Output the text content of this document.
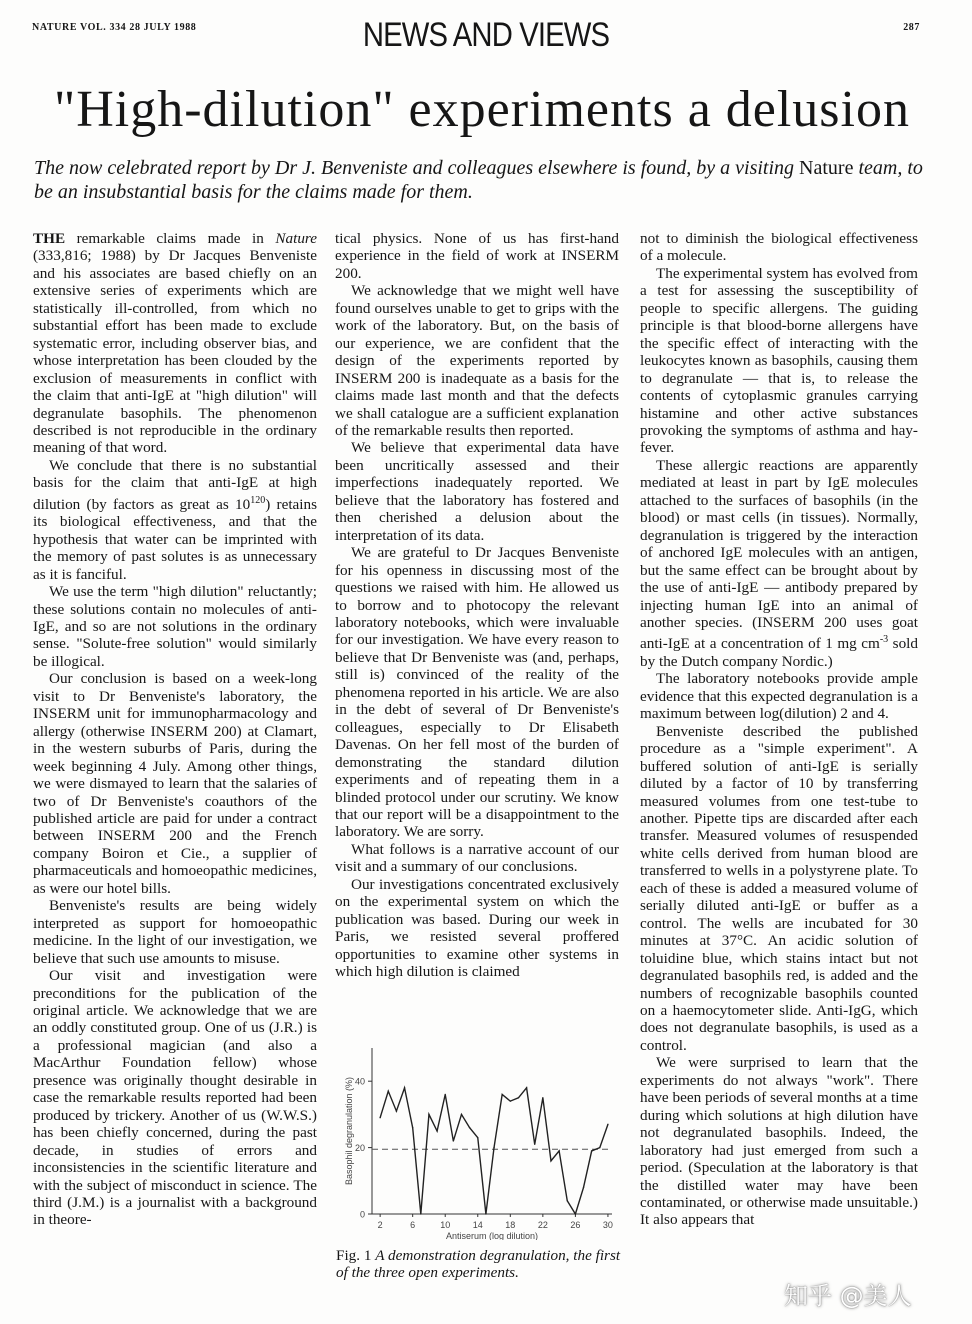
NATURE VOL. 334 28 JULY 1988	NEWS AND VIEWS	287
"High-dilution" experiments a delusion
The now celebrated report by Dr J. Benveniste and colleagues elsewhere is found, by a visiting Nature team, to be an insubstantial basis for the claims made for them.

THE remarkable claims made in Nature (333,816; 1988) by Dr Jacques Benveniste and his associates are based chiefly on an extensive series of experiments which are statistically ill-controlled, from which no substantial effort has been made to exclude systematic error, including observer bias, and whose interpretation has been clouded by the exclusion of measurements in conflict with the claim that anti-IgE at "high dilution" will degranulate basophils. The phenomenon described is not reproducible in the ordinary meaning of that word.

We conclude that there is no substantial basis for the claim that anti-IgE at high dilution (by factors as great as $10^{120}$) retains its biological effectiveness, and that the hypothesis that water can be imprinted with the memory of past solutes is as unnecessary as it is fanciful.

We use the term "high dilution" reluctantly; these solutions contain no molecules of anti-IgE, and so are not solutions in the ordinary sense. "Solute-free solution" would similarly be illogical.

Our conclusion is based on a week-long visit to Dr Benveniste's laboratory, the INSERM unit for immunopharmacology and allergy (otherwise INSERM 200) at Clamart, in the western suburbs of Paris, during the week beginning 4 July. Among other things, we were dismayed to learn that the salaries of two of Dr Benveniste's coauthors of the published article are paid for under a contract between INSERM 200 and the French company Boiron et Cie., a supplier of pharmaceuticals and homoeopathic medicines, as were our hotel bills.

Benveniste's results are being widely interpreted as support for homoeopathic medicine. In the light of our investigation, we believe that such use amounts to misuse.

Our visit and investigation were preconditions for the publication of the original article. We acknowledge that we are an oddly constituted group. One of us (J.R.) is a professional magician (and also a MacArthur Foundation fellow) whose presence was originally thought desirable in case the remarkable results reported had been produced by trickery. Another of us (W.W.S.) has been chiefly concerned, during the past decade, in studies of errors and inconsistencies in the scientific literature and with the subject of misconduct in science. The third (J.M.) is a journalist with a background in theore-

tical physics. None of us has first-hand experience in the field of work at INSERM 200.

We acknowledge that we might well have found ourselves unable to get to grips with the work of the laboratory. But, on the basis of our experience, we are confident that the design of the experiments reported by INSERM 200 is inadequate as a basis for the claims made last month and that the defects we shall catalogue are a sufficient explanation of the remarkable results then reported.

We believe that experimental data have been uncritically assessed and their imperfections inadequately reported. We believe that the laboratory has fostered and then cherished a delusion about the interpretation of its data.

We are grateful to Dr Jacques Benveniste for his openness in discussing most of the questions we raised with him. He allowed us to borrow and to photocopy the relevant laboratory notebooks, which were invaluable for our investigation. We have every reason to believe that Dr Benveniste was (and, perhaps, still is) convinced of the reality of the phenomena reported in his article. We are also in the debt of several of Dr Benveniste's colleagues, especially to Dr Elisabeth Davenas. On her fell most of the burden of demonstrating the standard dilution experiments and of repeating them in a blinded protocol under our scrutiny. We know that our report will be a disappointment to the laboratory. We are sorry.

What follows is a narrative account of our visit and a summary of our conclusions.

Our investigations concentrated exclusively on the experimental system on which the publication was based. During our week in Paris, we resisted several proffered opportunities to examine other systems in which high dilution is claimed

0
20
40
2	6	10	14	18	22	26	30
Antiserum (log dilution)
Basophil degranulation (%)
Fig. 1 A demonstration degranulation, the first of the three open experiments.

not to diminish the biological effectiveness of a molecule.

The experimental system has evolved from a test for assessing the susceptibility of people to specific allergens. The guiding principle is that blood-borne allergens have the specific effect of interacting with the leukocytes known as basophils, causing them to degranulate — that is, to release the contents of cytoplasmic granules carrying histamine and other active substances provoking the symptoms of asthma and hay-fever.

These allergic reactions are apparently mediated at least in part by IgE molecules attached to the surfaces of basophils (in the blood) or mast cells (in tissues). Normally, degranulation is triggered by the interaction of anchored IgE molecules with an antigen, but the same effect can be brought about by the use of anti-IgE — antibody prepared by injecting human IgE into an animal of another species. (INSERM 200 uses goat anti-IgE at a concentration of 1 mg $cm^{-3}$ sold by the Dutch company Nordic.)

The laboratory notebooks provide ample evidence that this expected degranulation is a maximum between log(dilution) 2 and 4.

Benveniste described the published procedure as a "simple experiment". A buffered solution of anti-IgE is serially diluted by a factor of 10 by transferring measured volumes from one test-tube to another. Pipette tips are discarded after each transfer. Measured volumes of resuspended white cells derived from human blood are transferred to wells in a polystyrene plate. To each of these is added a measured volume of serially diluted anti-IgE or buffer as a control. The wells are incubated for 30 minutes at 37°C. An acidic solution of toluidine blue, which stains intact but not degranulated basophils red, is added and the numbers of recognizable basophils counted on a haemocytometer slide. Anti-IgG, which does not degranulate basophils, is used as a control.

We were surprised to learn that the experiments do not always "work". There have been periods of several months at a time during which solutions at high dilution have not degranulated basophils. Indeed, the laboratory had just emerged from such a period. (Speculation at the laboratory is that the distilled water may have been contaminated, or otherwise made unsuitable.) It also appears that

知乎 @美人
